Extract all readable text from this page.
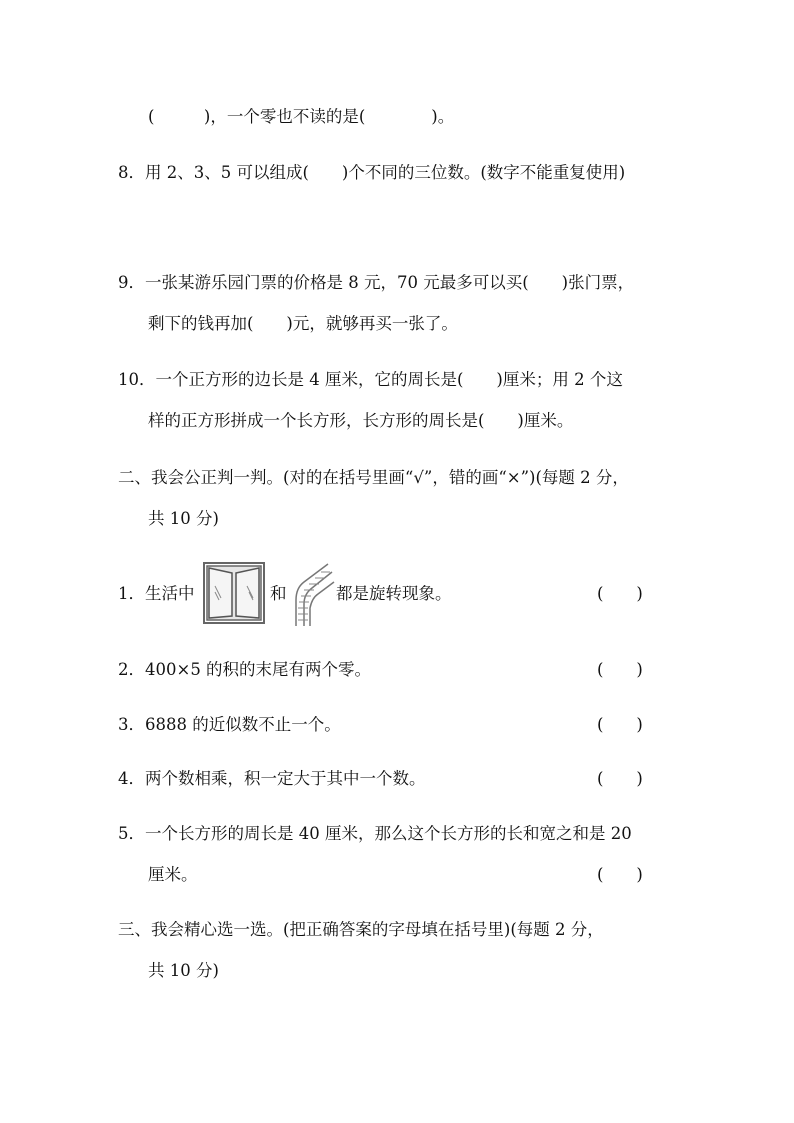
(　　　)，一个零也不读的是(　　　　)。
8．用 2、3、5 可以组成(　　)个不同的三位数。(数字不能重复使用)
9．一张某游乐园门票的价格是 8 元，70 元最多可以买(　　)张门票，
剩下的钱再加(　　)元，就够再买一张了。
10．一个正方形的边长是 4 厘米，它的周长是(　　)厘米；用 2 个这
样的正方形拼成一个长方形，长方形的周长是(　　)厘米。
二、我会公正判一判。(对的在括号里画“√”，错的画“×”)(每题 2 分，
共 10 分)
1．生活中	和	都是旋转现象。	(　　)
2．400×5 的积的末尾有两个零。	(　　)
3．6888 的近似数不止一个。	(　　)
4．两个数相乘，积一定大于其中一个数。	(　　)
5．一个长方形的周长是 40 厘米，那么这个长方形的长和宽之和是 20
厘米。	(　　)
三、我会精心选一选。(把正确答案的字母填在括号里)(每题 2 分，
共 10 分)
